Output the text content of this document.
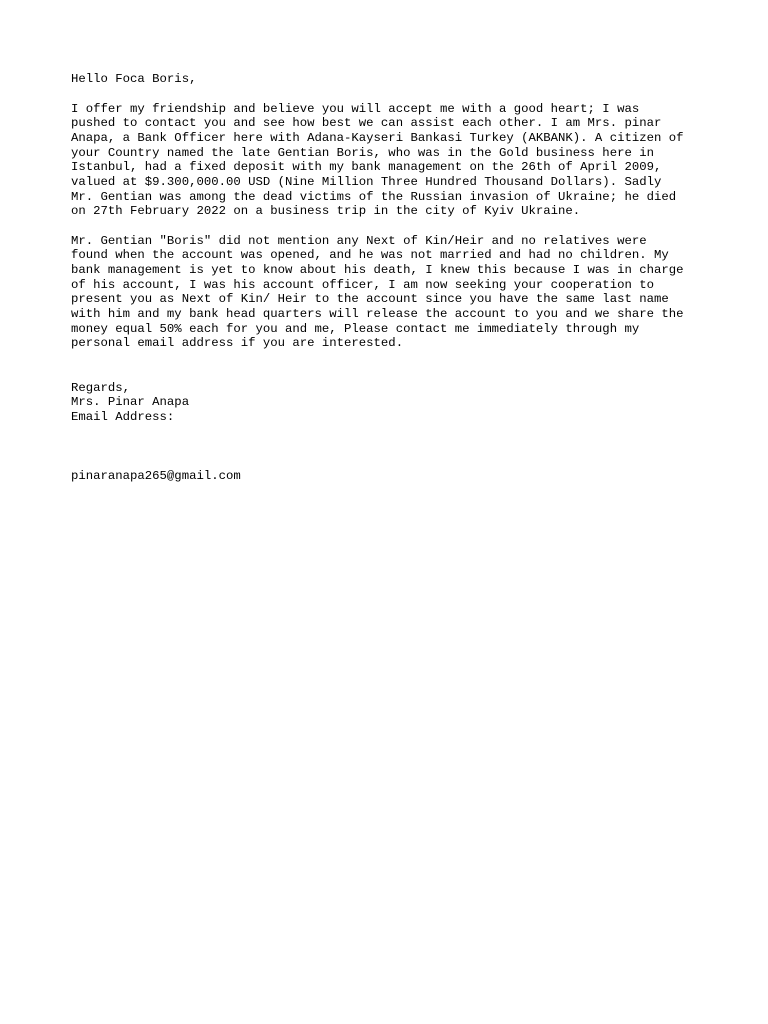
Hello Foca Boris,
I offer my friendship and believe you will accept me with a good heart; I was
pushed to contact you and see how best we can assist each other. I am Mrs. pinar
Anapa, a Bank Officer here with Adana-Kayseri Bankasi Turkey (AKBANK). A citizen of
your Country named the late Gentian Boris, who was in the Gold business here in
Istanbul, had a fixed deposit with my bank management on the 26th of April 2009,
valued at $9.300,000.00 USD (Nine Million Three Hundred Thousand Dollars). Sadly
Mr. Gentian was among the dead victims of the Russian invasion of Ukraine; he died
on 27th February 2022 on a business trip in the city of Kyiv Ukraine.
Mr. Gentian "Boris" did not mention any Next of Kin/Heir and no relatives were
found when the account was opened, and he was not married and had no children. My
bank management is yet to know about his death, I knew this because I was in charge
of his account, I was his account officer, I am now seeking your cooperation to
present you as Next of Kin/ Heir to the account since you have the same last name
with him and my bank head quarters will release the account to you and we share the
money equal 50% each for you and me, Please contact me immediately through my
personal email address if you are interested.
Regards,
Mrs. Pinar Anapa
Email Address:
pinaranapa265@gmail.com
